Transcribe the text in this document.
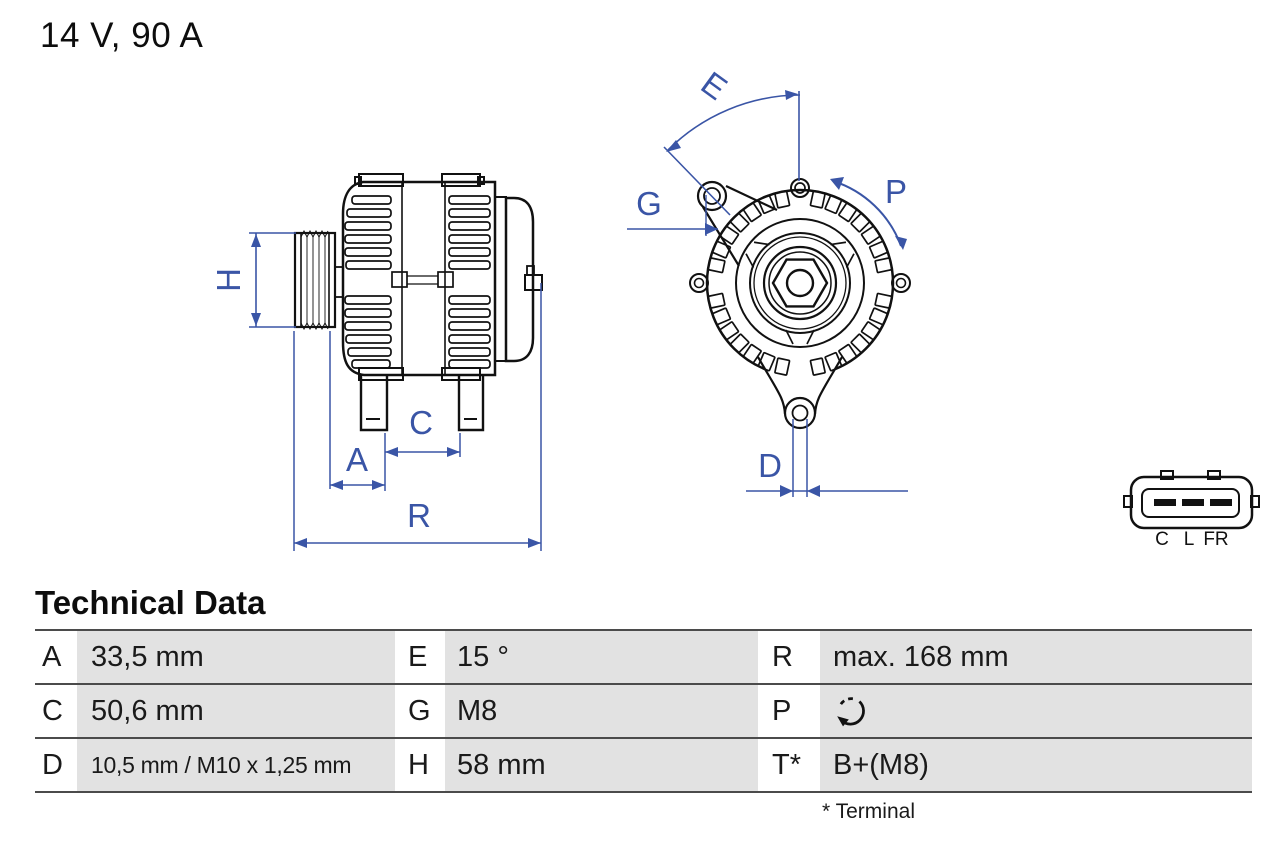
14 V, 90 A
H
A
C
R
E
G	P
D
C L FR
Technical Data
A	33,5 mm	E	15 °	R	max. 168 mm
C 50,6 mm	G M8	P
D	10,5 mm / M10 x 1,25 mm	H 58 mm	T*	B+(M8)
* Terminal
